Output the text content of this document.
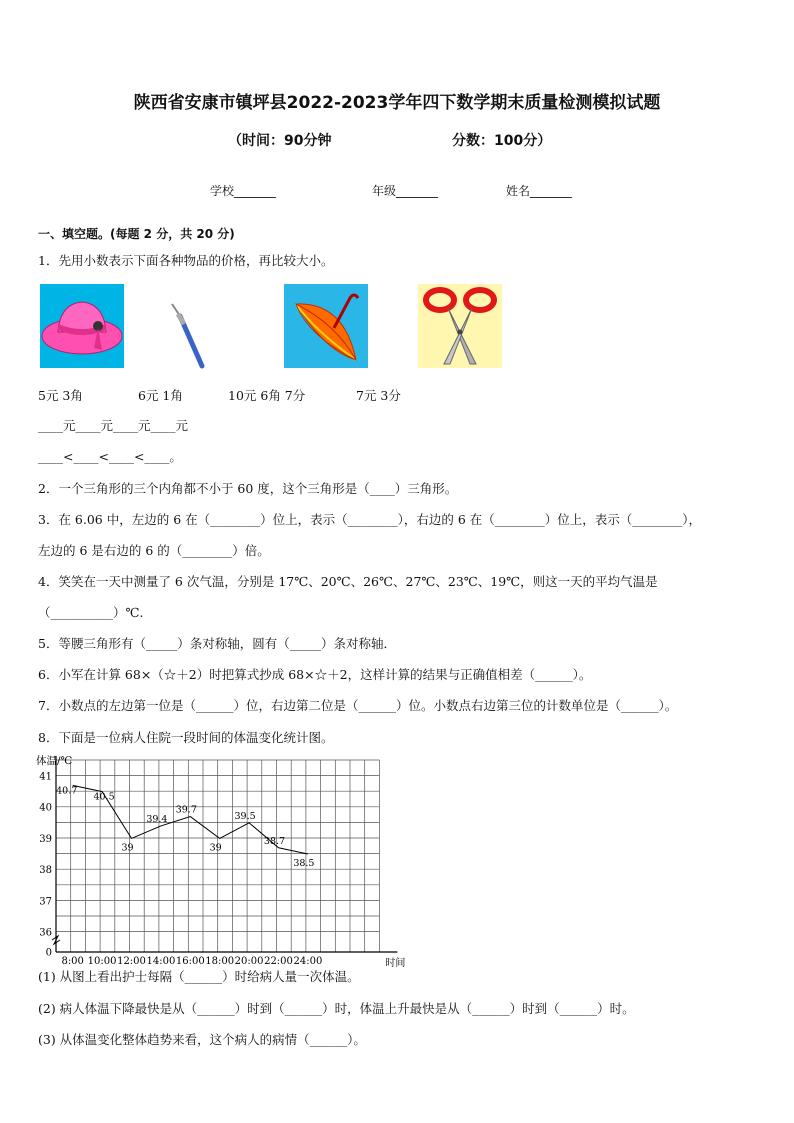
陕西省安康市镇坪县2022-2023学年四下数学期末质量检测模拟试题
（时间：90分钟	分数：100分）
学校_______	年级_______	姓名_______
一、填空题。(每题 2 分，共 20 分)
1．先用小数表示下面各种物品的价格，再比较大小。
5元 3角	6元 1角	10元 6角 7分	7元 3分
____元____元____元____元
____<____<____<____。
2．一个三角形的三个内角都不小于 60 度，这个三角形是（____）三角形。
3．在 6.06 中，左边的 6 在（________）位上，表示（________），右边的 6 在（________）位上，表示（________），
左边的 6 是右边的 6 的（________）倍。
4．笑笑在一天中测量了 6 次气温，分别是 17℃、20℃、26℃、27℃、23℃、19℃，则这一天的平均气温是
（__________）℃.
5．等腰三角形有（_____）条对称轴，圆有（_____）条对称轴．
6．小军在计算 68×（☆＋2）时把算式抄成 68×☆＋2，这样计算的结果与正确值相差（______）。
7．小数点的左边第一位是（______）位，右边第二位是（______）位。小数点右边第三位的计数单位是（______）。
8．下面是一位病人住院一段时间的体温变化统计图。
体温/℃
0
36
37
38
39
40
41
8:00 10:00 12:00 14:00 16:00 18:00 20:00 22:00 24:00	时间
40.7
40.5
39
39.4
39.7
39
39.5
38.7
38.5
(1) 从图上看出护士每隔（______）时给病人量一次体温。
(2) 病人体温下降最快是从（______）时到（______）时，体温上升最快是从（______）时到（______）时。
(3) 从体温变化整体趋势来看，这个病人的病情（______）。
